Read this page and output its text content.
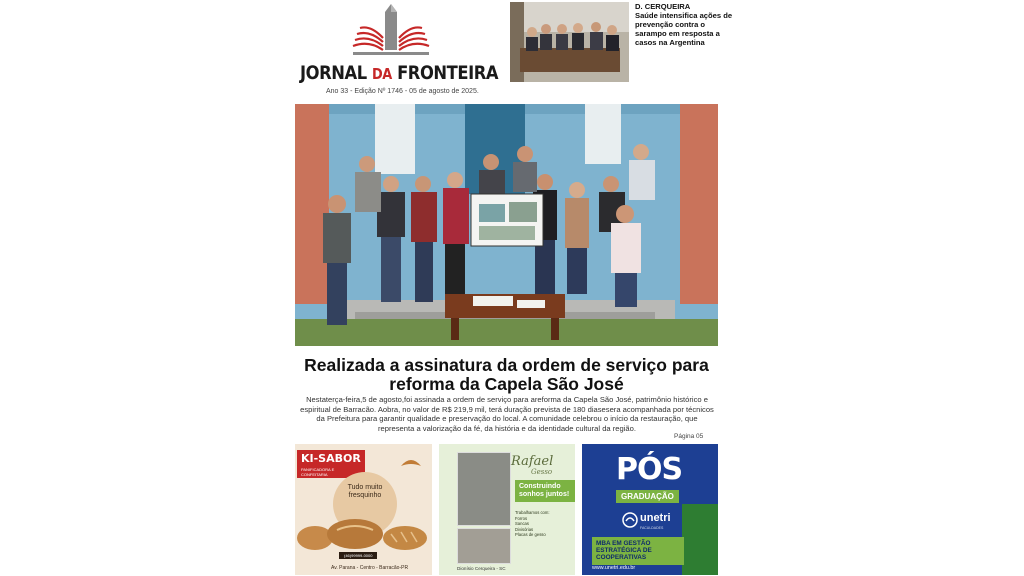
JORNAL DA FRONTEIRA
Ano 33 - Edição Nº 1746 - 05 de agosto de 2025.
D. CERQUEIRA
Saúde intensifica ações de prevenção contra o sarampo em resposta a casos na Argentina
Realizada a assinatura da ordem de serviço para reforma da Capela São José
Nestaterça-feira,5 de agosto,foi assinada a ordem de serviço para areforma da Capela São José, patrimônio histórico e espiritual de Barracão. Aobra, no valor de R$ 219,9 mil, terá duração prevista de 180 diasesera acompanhada por técnicos da Prefeitura para garantir qualidade e preservação do local. A comunidade celebrou o início da restauração, que representa a valorização da fé, da história e da identidade cultural da região.
Página 05
KI-SABOR
PANIFICADORA E CONFEITARIA
Tudo muito fresquinho
(46)99999-0000
Av. Parana - Centro - Barracão-PR
Rafael
Gesso
Construindo sonhos juntos!
Trabalhamos com:
Forros
Sancas
Divisórias
Placas de gesso
Dionísio Cerqueira - SC
PÓS
GRADUAÇÃO
unetri
FACULDADES
MBA EM GESTÃO ESTRATÉGICA DE COOPERATIVAS
www.unetri.edu.br
